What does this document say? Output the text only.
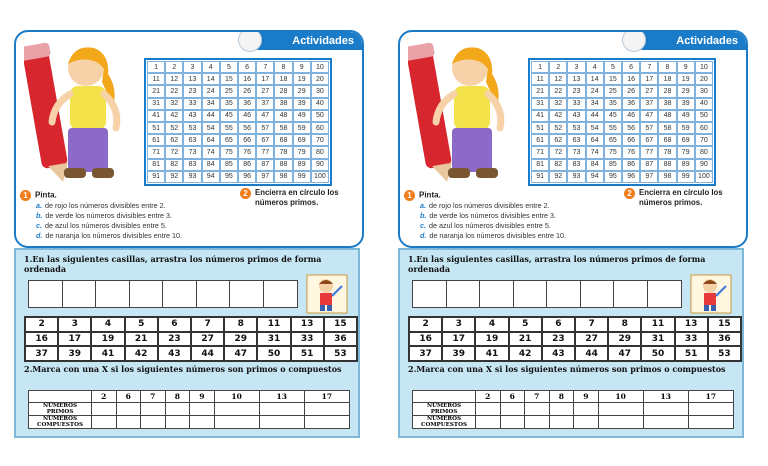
Actividades
1	2	3	4	5	6	7	8	9	10
11	12	13	14	15	16	17	18	19	20
21	22	23	24	25	26	27	28	29	30
31	32	33	34	35	36	37	38	39	40
41	42	43	44	45	46	47	48	49	50
51	52	53	54	55	56	57	58	59	60
61	62	63	64	65	66	67	68	69	70
71	72	73	74	75	76	77	78	79	80
81	82	83	84	85	86	87	88	89	90
91	92	93	94	95	96	97	98	99	100
1 Pinta.
a. de rojo los números divisibles entre 2.
b. de verde los números divisibles entre 3.
c. de azul los números divisibles entre 5.
d. de naranja los números divisibles entre 10.
2 Encierra en círculo los números primos.
1.En las siguientes casillas, arrastra los números primos de forma ordenada
2	3	4	5	6	7	8	11	13	15
16	17	19	21	23	27	29	31	33	36
37	39	41	42	43	44	47	50	51	53
2.Marca con una X si los siguientes números son primos o compuestos
	2	6	7	8	9	10	13	17
NÚMEROS PRIMOS								
NÚMEROS COMPUESTOS								
Actividades
1	2	3	4	5	6	7	8	9	10
11	12	13	14	15	16	17	18	19	20
21	22	23	24	25	26	27	28	29	30
31	32	33	34	35	36	37	38	39	40
41	42	43	44	45	46	47	48	49	50
51	52	53	54	55	56	57	58	59	60
61	62	63	64	65	66	67	68	69	70
71	72	73	74	75	76	77	78	79	80
81	82	83	84	85	86	87	88	89	90
91	92	93	94	95	96	97	98	99	100
1 Pinta.
a. de rojo los números divisibles entre 2.
b. de verde los números divisibles entre 3.
c. de azul los números divisibles entre 5.
d. de naranja los números divisibles entre 10.
2 Encierra en círculo los números primos.
1.En las siguientes casillas, arrastra los números primos de forma ordenada
2	3	4	5	6	7	8	11	13	15
16	17	19	21	23	27	29	31	33	36
37	39	41	42	43	44	47	50	51	53
2.Marca con una X si los siguientes números son primos o compuestos
	2	6	7	8	9	10	13	17
NÚMEROS PRIMOS								
NÚMEROS COMPUESTOS								
